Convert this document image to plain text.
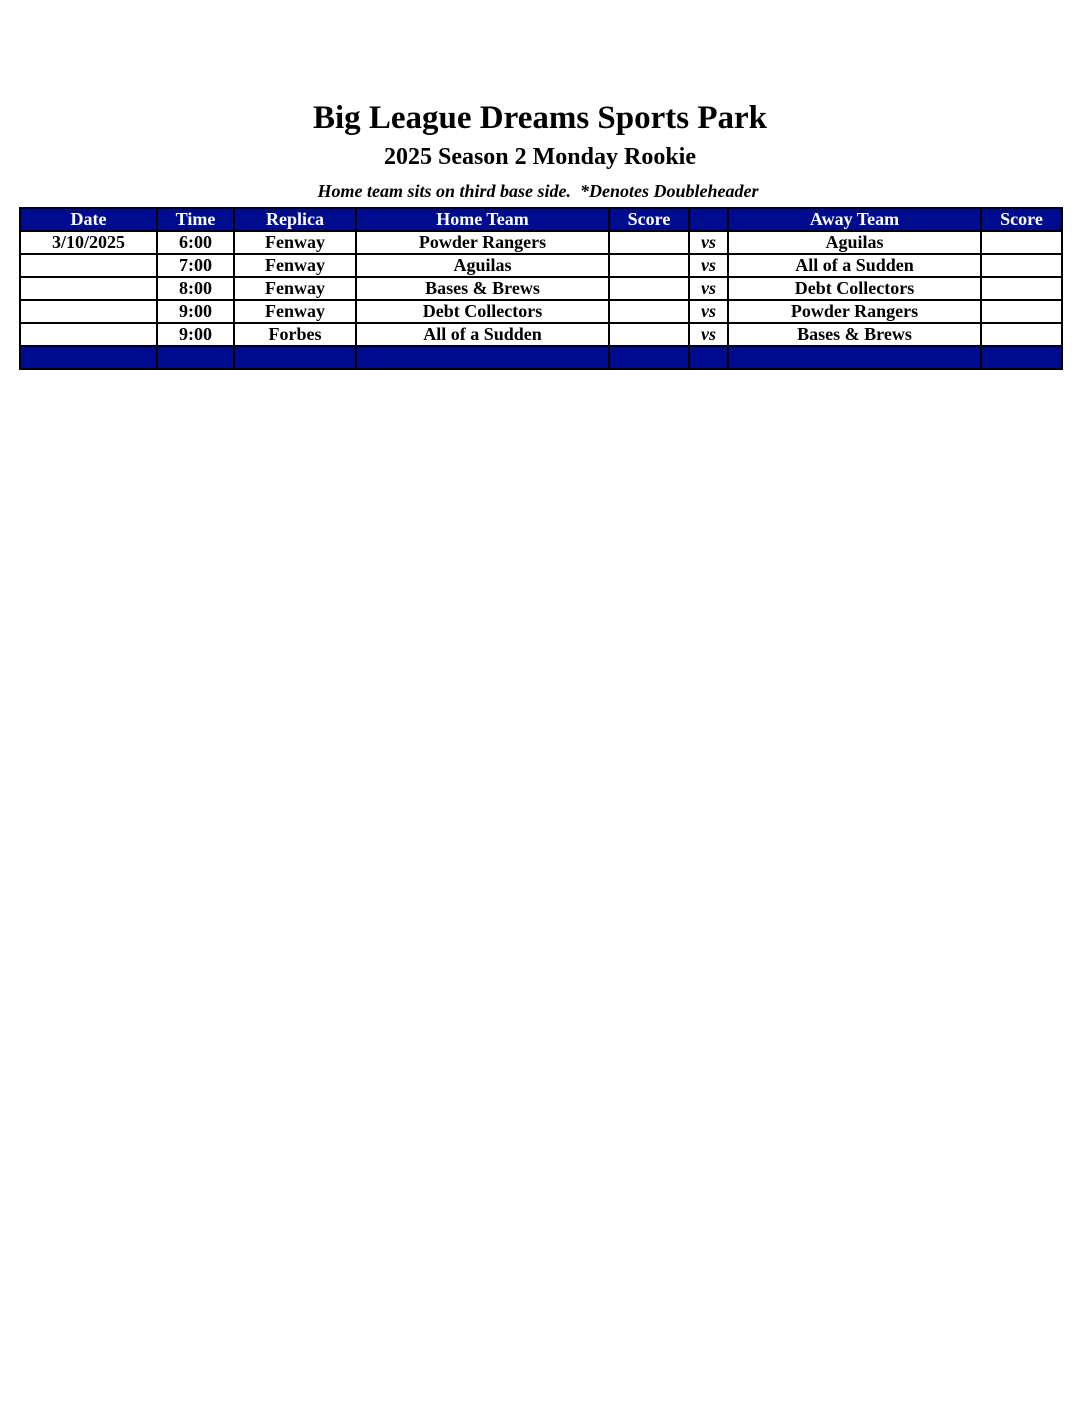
Big League Dreams Sports Park
2025 Season 2 Monday Rookie
Home team sits on third base side.  *Denotes Doubleheader
Date	Time	Replica	Home Team	Score		Away Team	Score
3/10/2025	6:00	Fenway	Powder Rangers		vs	Aguilas	
	7:00	Fenway	Aguilas		vs	All of a Sudden	
	8:00	Fenway	Bases & Brews		vs	Debt Collectors	
	9:00	Fenway	Debt Collectors		vs	Powder Rangers	
	9:00	Forbes	All of a Sudden		vs	Bases & Brews	
